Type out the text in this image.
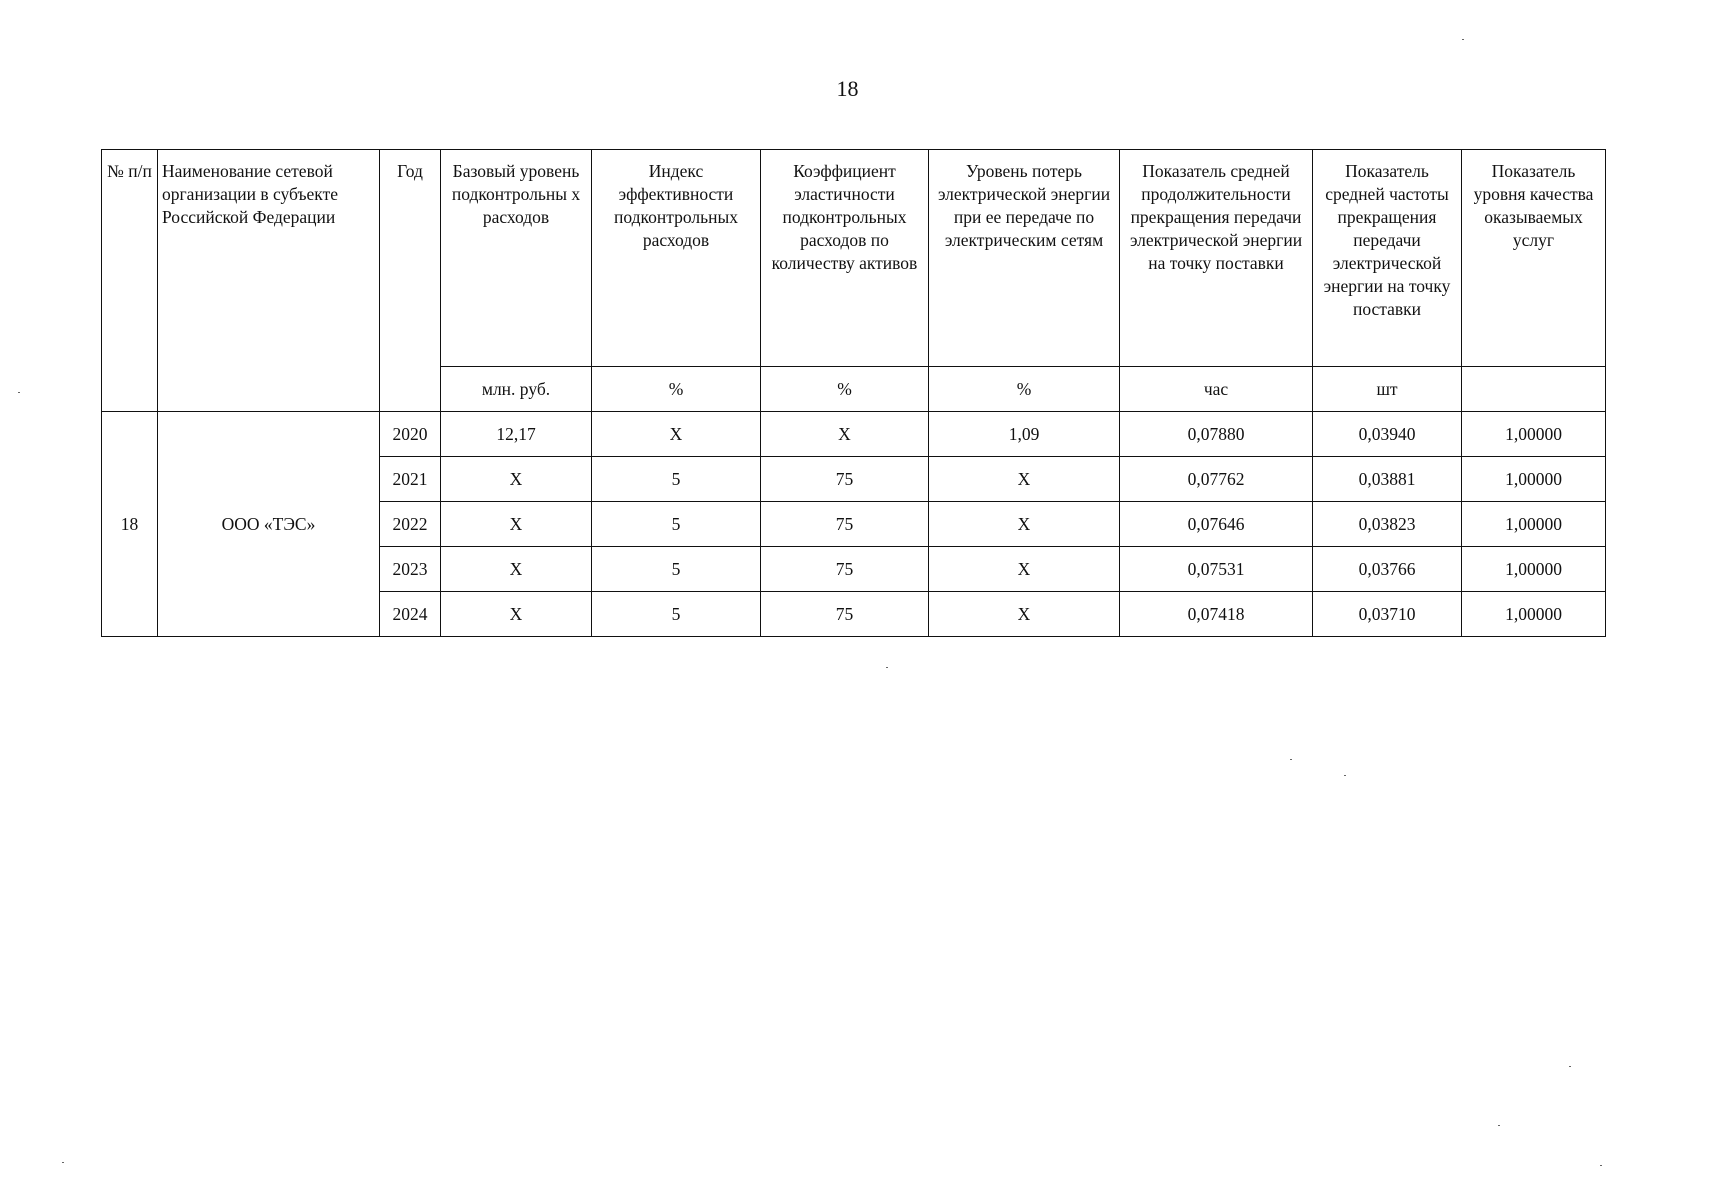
18
№ п/п	Наименование сетевой организации в субъекте Российской Федерации	Год	Базовый уровень подконтрольны х расходов	Индекс эффективности подконтрольных расходов	Коэффициент эластичности подконтрольных расходов по количеству активов	Уровень потерь электрической энергии при ее передаче по электрическим сетям	Показатель средней продолжительности прекращения передачи электрической энергии на точку поставки	Показатель средней частоты прекращения передачи электрической энергии на точку поставки	Показатель уровня качества оказываемых услуг
			млн. руб.	%	%	%	час	шт	
18	ООО «ТЭС»	2020	12,17	X	X	1,09	0,07880	0,03940	1,00000
		2021	X	5	75	X	0,07762	0,03881	1,00000
		2022	X	5	75	X	0,07646	0,03823	1,00000
		2023	X	5	75	X	0,07531	0,03766	1,00000
		2024	X	5	75	X	0,07418	0,03710	1,00000
